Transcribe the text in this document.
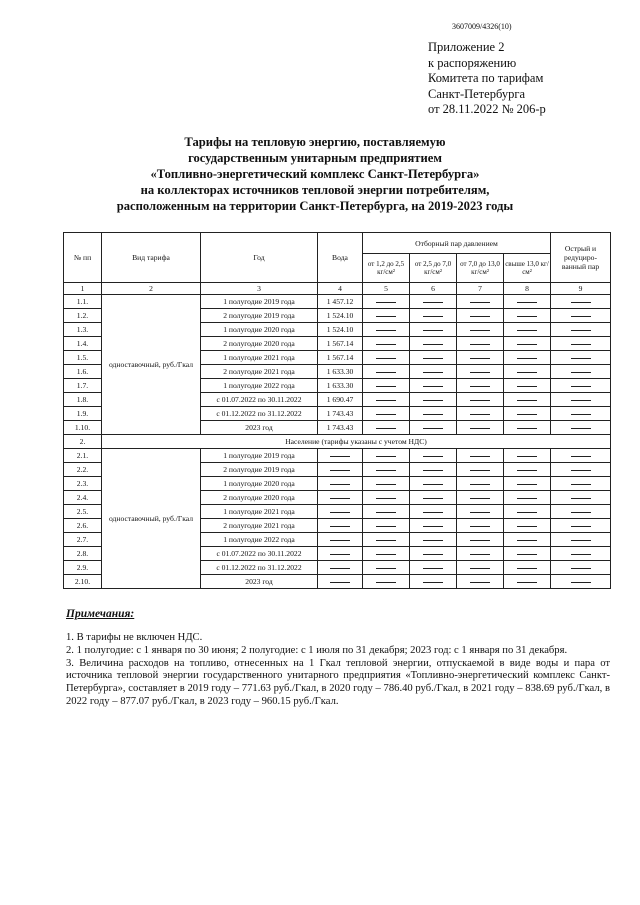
3607009/4326(10)
Приложение 2
к распоряжению
Комитета по тарифам
Санкт-Петербурга
от 28.11.2022 № 206-р
Тарифы на тепловую энергию, поставляемую
государственным унитарным предприятием
«Топливно-энергетический комплекс Санкт-Петербурга»
на коллекторах источников тепловой энергии потребителям,
расположенным на территории Санкт-Петербурга, на 2019-2023 годы
№ пп	Вид тарифа	Год	Вода	Отборный пар давлением				Острый и редуциро-ванный пар
				от 1,2 до 2,5 кг/см²	от 2,5 до 7,0 кг/см²	от 7,0 до 13,0 кг/см²	свыше 13,0 кг/см²	
1	2	3	4	5	6	7	8	9
1.1.	одноставочный, руб./Гкал	1 полугодие 2019 года	1 457.12					
1.2.		2 полугодие 2019 года	1 524.10					
1.3.		1 полугодие 2020 года	1 524.10					
1.4.		2 полугодие 2020 года	1 567.14					
1.5.		1 полугодие 2021 года	1 567.14					
1.6.		2 полугодие 2021 года	1 633.30					
1.7.		1 полугодие 2022 года	1 633.30					
1.8.		с 01.07.2022 по 30.11.2022	1 690.47					
1.9.		с 01.12.2022 по 31.12.2022	1 743.43					
1.10.		2023 год	1 743.43					
2.	Население (тарифы указаны с учетом НДС)							
2.1.	одноставочный, руб./Гкал	1 полугодие 2019 года						
2.2.		2 полугодие 2019 года						
2.3.		1 полугодие 2020 года						
2.4.		2 полугодие 2020 года						
2.5.		1 полугодие 2021 года						
2.6.		2 полугодие 2021 года						
2.7.		1 полугодие 2022 года						
2.8.		с 01.07.2022 по 30.11.2022						
2.9.		с 01.12.2022 по 31.12.2022						
2.10.		2023 год						
Примечания:

1. В тарифы не включен НДС.

2. 1 полугодие: с 1 января по 30 июня; 2 полугодие: с 1 июля по 31 декабря; 2023 год: с 1 января по 31 декабря.

3. Величина расходов на топливо, отнесенных на 1 Гкал тепловой энергии, отпускаемой в виде воды и пара от источника тепловой энергии государственного унитарного предприятия «Топливно-энергетический комплекс Санкт-Петербурга», составляет в 2019 году – 771.63 руб./Гкал, в 2020 году – 786.40 руб./Гкал, в 2021 году – 838.69 руб./Гкал, в 2022 году – 877.07 руб./Гкал, в 2023 году – 960.15 руб./Гкал.
